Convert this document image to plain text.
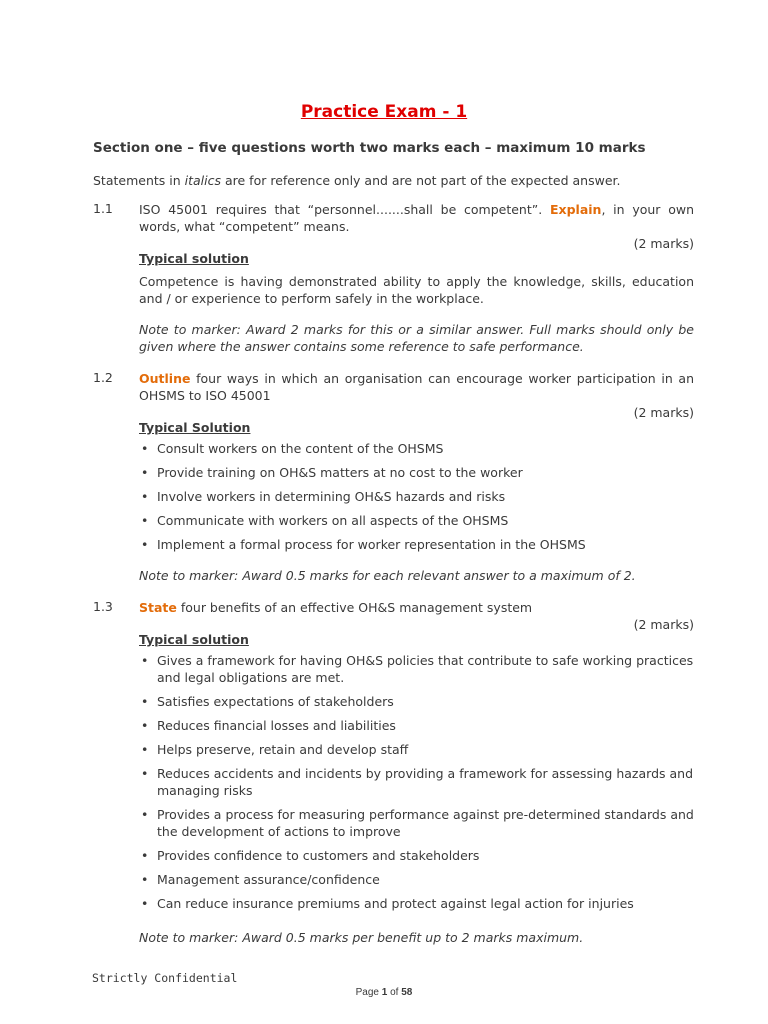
Practice Exam - 1
Section one – five questions worth two marks each – maximum 10 marks
Statements in italics are for reference only and are not part of the expected answer.
1.1 ISO 45001 requires that “personnel.......shall be competent”. Explain, in your own words, what “competent” means.
(2 marks)
Typical solution
Competence is having demonstrated ability to apply the knowledge, skills, education and / or experience to perform safely in the workplace.
Note to marker: Award 2 marks for this or a similar answer. Full marks should only be given where the answer contains some reference to safe performance.
1.2 Outline four ways in which an organisation can encourage worker participation in an OHSMS to ISO 45001
(2 marks)
Typical Solution
• Consult workers on the content of the OHSMS
• Provide training on OH&S matters at no cost to the worker
• Involve workers in determining OH&S hazards and risks
• Communicate with workers on all aspects of the OHSMS
• Implement a formal process for worker representation in the OHSMS
Note to marker: Award 0.5 marks for each relevant answer to a maximum of 2.
1.3 State four benefits of an effective OH&S management system
(2 marks)
Typical solution
• Gives a framework for having OH&S policies that contribute to safe working practices and legal obligations are met.
• Satisfies expectations of stakeholders
• Reduces financial losses and liabilities
• Helps preserve, retain and develop staff
• Reduces accidents and incidents by providing a framework for assessing hazards and managing risks
• Provides a process for measuring performance against pre-determined standards and the development of actions to improve
• Provides confidence to customers and stakeholders
• Management assurance/confidence
• Can reduce insurance premiums and protect against legal action for injuries
Note to marker: Award 0.5 marks per benefit up to 2 marks maximum.
Strictly Confidential
Page 1 of 58
